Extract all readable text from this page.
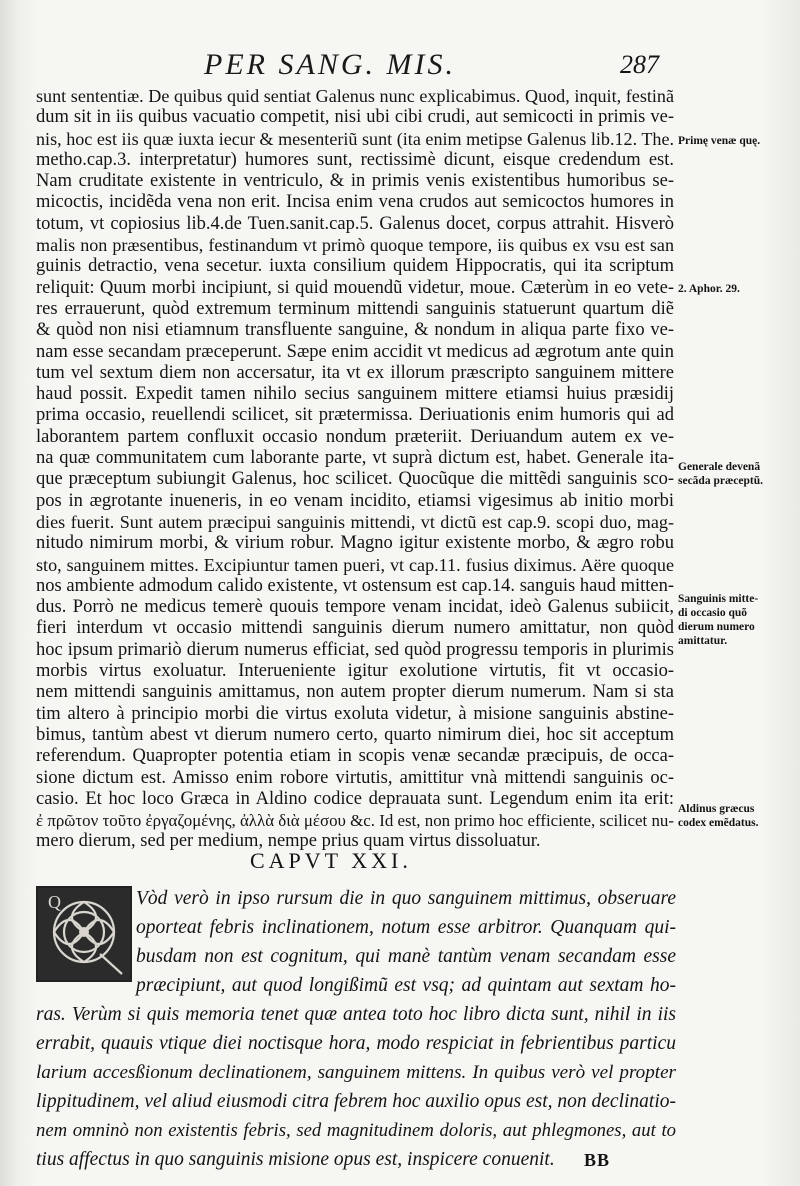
PER SANG. MIS.	287
sunt sententiæ. De quibus quid sentiat Galenus nunc explicabimus. Quod, inquit, festinã
dum sit in iis quibus vacuatio competit, nisi ubi cibi crudi, aut semicocti in primis ve-
nis, hoc est iis quæ iuxta iecur & mesenteriũ sunt (ita enim metipse Galenus lib.12. The.
metho.cap.3. interpretatur) humores sunt, rectissimè dicunt, eisque credendum est.
Nam cruditate existente in ventriculo, & in primis venis existentibus humoribus se-
micoctis, incidẽda vena non erit. Incisa enim vena crudos aut semicoctos humores in
totum, vt copiosius lib.4.de Tuen.sanit.cap.5. Galenus docet, corpus attrahit. Hisverò
malis non præsentibus, festinandum vt primò quoque tempore, iis quibus ex vsu est san
guinis detractio, vena secetur. iuxta consilium quidem Hippocratis, qui ita scriptum
reliquit: Quum morbi incipiunt, si quid mouendũ videtur, moue. Cæterùm in eo vete-
res errauerunt, quòd extremum terminum mittendi sanguinis statuerunt quartum diẽ
& quòd non nisi etiamnum transfluente sanguine, & nondum in aliqua parte fixo ve-
nam esse secandam præceperunt. Sæpe enim accidit vt medicus ad ægrotum ante quin
tum vel sextum diem non accersatur, ita vt ex illorum præscripto sanguinem mittere
haud possit. Expedit tamen nihilo secius sanguinem mittere etiamsi huius præsidij
prima occasio, reuellendi scilicet, sit prætermissa. Deriuationis enim humoris qui ad
laborantem partem confluxit occasio nondum præteriit. Deriuandum autem ex ve-
na quæ communitatem cum laborante parte, vt suprà dictum est, habet. Generale ita-
que præceptum subiungit Galenus, hoc scilicet. Quocũque die mittẽdi sanguinis sco-
pos in ægrotante inueneris, in eo venam incidito, etiamsi vigesimus ab initio morbi
dies fuerit. Sunt autem præcipui sanguinis mittendi, vt dictũ est cap.9. scopi duo, mag-
nitudo nimirum morbi, & virium robur. Magno igitur existente morbo, & ægro robu
sto, sanguinem mittes. Excipiuntur tamen pueri, vt cap.11. fusius diximus. Aëre quoque
nos ambiente admodum calido existente, vt ostensum est cap.14. sanguis haud mitten-
dus. Porrò ne medicus temerè quouis tempore venam incidat, ideò Galenus subiicit,
fieri interdum vt occasio mittendi sanguinis dierum numero amittatur, non quòd
hoc ipsum primariò dierum numerus efficiat, sed quòd progressu temporis in plurimis
morbis virtus exoluatur. Interueniente igitur exolutione virtutis, fit vt occasio-
nem mittendi sanguinis amittamus, non autem propter dierum numerum. Nam si sta
tim altero à principio morbi die virtus exoluta videtur, à misione sanguinis abstine-
bimus, tantùm abest vt dierum numero certo, quarto nimirum diei, hoc sit acceptum
referendum. Quapropter potentia etiam in scopis venæ secandæ præcipuis, de occa-
sione dictum est. Amisso enim robore virtutis, amittitur vnà mittendi sanguinis oc-
casio. Et hoc loco Græca in Aldino codice deprauata sunt. Legendum enim ita erit:
ἐ πρῶτον τοῦτο ἐργαζομένης, ἀλλὰ διὰ μέσου &c. Id est, non primo hoc efficiente, scilicet nu-
mero dierum, sed per medium, nempe prius quam virtus dissoluatur.
Primę venæ quę.
2. Aphor. 29.
Generale devenã
secãda præceptũ.
Sanguinis mitte-
di occasio quõ
dierum numero
amittatur.
Aldinus græcus
codex emẽdatus.
CAPVT XXI.
Q	Vòd verò in ipso rursum die in quo sanguinem mittimus, obseruare
oporteat febris inclinationem, notum esse arbitror. Quanquam qui-
busdam non est cognitum, qui manè tantùm venam secandam esse
præcipiunt, aut quod longißimũ est vsq; ad quintam aut sextam ho-
ras. Verùm si quis memoria tenet quæ antea toto hoc libro dicta sunt, nihil in iis
errabit, quauis vtique diei noctisque hora, modo respiciat in febrientibus particu
larium accesßionum declinationem, sanguinem mittens. In quibus verò vel propter
lippitudinem, vel aliud eiusmodi citra febrem hoc auxilio opus est, non declinatio-
nem omninò non existentis febris, sed magnitudinem doloris, aut phlegmones, aut to
tius affectus in quo sanguinis misione opus est, inspicere conuenit.	BB
